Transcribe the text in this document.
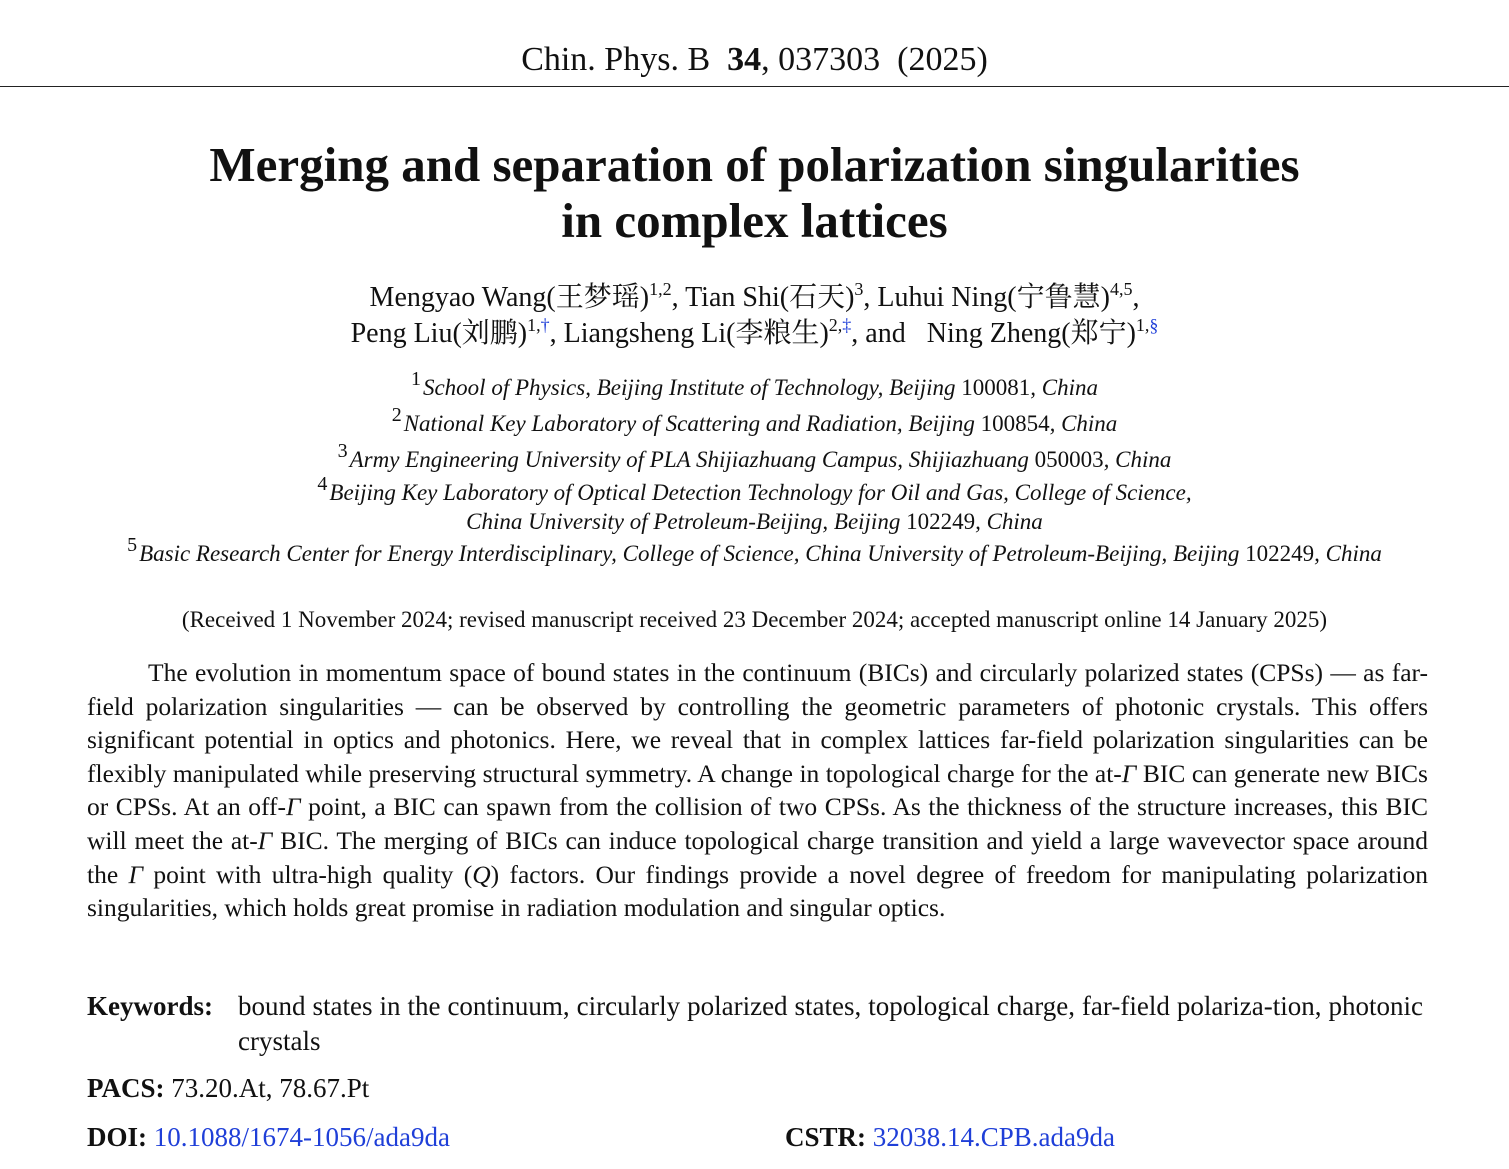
Chin. Phys. B 34, 037303 (2025)
Merging and separation of polarization singularities
in complex lattices
Mengyao Wang(王梦瑶)$^{1,2}$, Tian Shi(石天)$^3$, Luhui Ning(宁鲁慧)$^{4,5}$,
Peng Liu(刘鹏)$^{1,\dagger}$, Liangsheng Li(李粮生)$^{2,\ddagger}$, and Ning Zheng(郑宁)$^{1,\S}$
$^1$School of Physics, Beijing Institute of Technology, Beijing 100081, China
$^2$National Key Laboratory of Scattering and Radiation, Beijing 100854, China
$^3$Army Engineering University of PLA Shijiazhuang Campus, Shijiazhuang 050003, China
$^4$Beijing Key Laboratory of Optical Detection Technology for Oil and Gas, College of Science,
China University of Petroleum-Beijing, Beijing 102249, China
$^5$Basic Research Center for Energy Interdisciplinary, College of Science, China University of Petroleum-Beijing, Beijing 102249, China
(Received 1 November 2024; revised manuscript received 23 December 2024; accepted manuscript online 14 January 2025)

The evolution in momentum space of bound states in the continuum (BICs) and circularly polarized states (CPSs) — as far-field polarization singularities — can be observed by controlling the geometric parameters of photonic crystals. This offers significant potential in optics and photonics. Here, we reveal that in complex lattices far-field polarization singularities can be flexibly manipulated while preserving structural symmetry. A change in topological charge for the at-Γ BIC can generate new BICs or CPSs. At an off-Γ point, a BIC can spawn from the collision of two CPSs. As the thickness of the structure increases, this BIC will meet the at-Γ BIC. The merging of BICs can induce topological charge transition and yield a large wavevector space around the Γ point with ultra-high quality (Q) factors. Our findings provide a novel degree of freedom for manipulating polarization singularities, which holds great promise in radiation modulation and singular optics.

Keywords: bound states in the continuum, circularly polarized states, topological charge, far-field polariza-tion, photonic crystals
PACS: 73.20.At, 78.67.Pt
DOI: 10.1088/1674-1056/ada9da	CSTR: 32038.14.CPB.ada9da
